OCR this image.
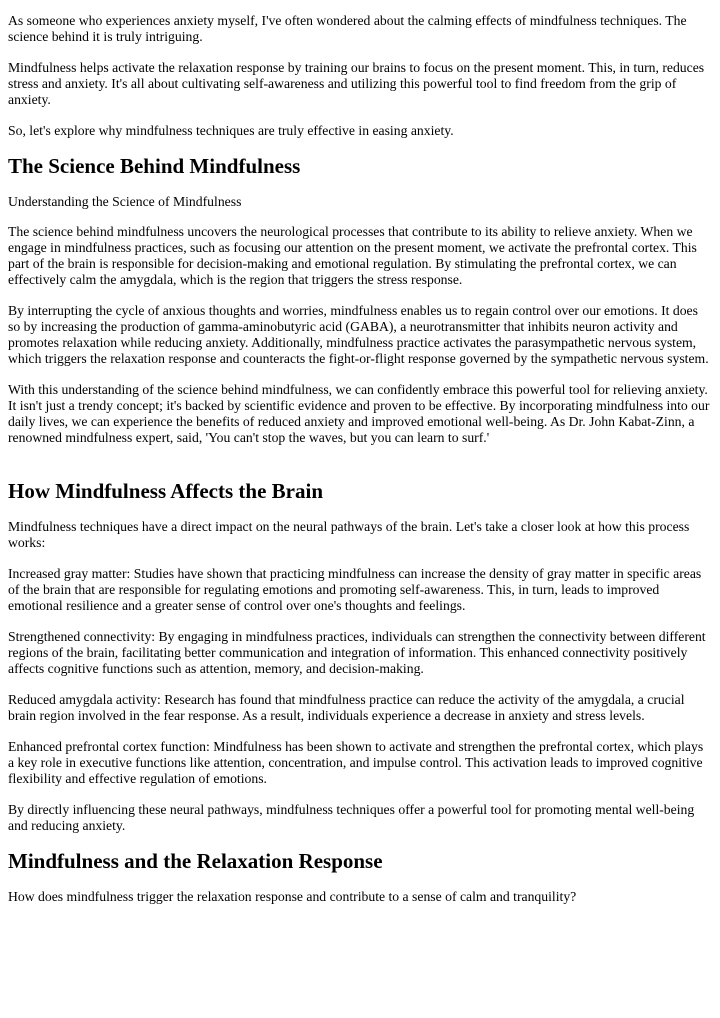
As someone who experiences anxiety myself, I've often wondered about the calming effects of mindfulness techniques. The science behind it is truly intriguing.

Mindfulness helps activate the relaxation response by training our brains to focus on the present moment. This, in turn, reduces stress and anxiety. It's all about cultivating self-awareness and utilizing this powerful tool to find freedom from the grip of anxiety.

So, let's explore why mindfulness techniques are truly effective in easing anxiety.

The Science Behind Mindfulness

Understanding the Science of Mindfulness

The science behind mindfulness uncovers the neurological processes that contribute to its ability to relieve anxiety. When we engage in mindfulness practices, such as focusing our attention on the present moment, we activate the prefrontal cortex. This part of the brain is responsible for decision-making and emotional regulation. By stimulating the prefrontal cortex, we can effectively calm the amygdala, which is the region that triggers the stress response.

By interrupting the cycle of anxious thoughts and worries, mindfulness enables us to regain control over our emotions. It does so by increasing the production of gamma-aminobutyric acid (GABA), a neurotransmitter that inhibits neuron activity and promotes relaxation while reducing anxiety. Additionally, mindfulness practice activates the parasympathetic nervous system, which triggers the relaxation response and counteracts the fight-or-flight response governed by the sympathetic nervous system.

With this understanding of the science behind mindfulness, we can confidently embrace this powerful tool for relieving anxiety. It isn't just a trendy concept; it's backed by scientific evidence and proven to be effective. By incorporating mindfulness into our daily lives, we can experience the benefits of reduced anxiety and improved emotional well-being. As Dr. John Kabat-Zinn, a renowned mindfulness expert, said, 'You can't stop the waves, but you can learn to surf.'

How Mindfulness Affects the Brain

Mindfulness techniques have a direct impact on the neural pathways of the brain. Let's take a closer look at how this process works:

Increased gray matter: Studies have shown that practicing mindfulness can increase the density of gray matter in specific areas of the brain that are responsible for regulating emotions and promoting self-awareness. This, in turn, leads to improved emotional resilience and a greater sense of control over one's thoughts and feelings.

Strengthened connectivity: By engaging in mindfulness practices, individuals can strengthen the connectivity between different regions of the brain, facilitating better communication and integration of information. This enhanced connectivity positively affects cognitive functions such as attention, memory, and decision-making.

Reduced amygdala activity: Research has found that mindfulness practice can reduce the activity of the amygdala, a crucial brain region involved in the fear response. As a result, individuals experience a decrease in anxiety and stress levels.

Enhanced prefrontal cortex function: Mindfulness has been shown to activate and strengthen the prefrontal cortex, which plays a key role in executive functions like attention, concentration, and impulse control. This activation leads to improved cognitive flexibility and effective regulation of emotions.

By directly influencing these neural pathways, mindfulness techniques offer a powerful tool for promoting mental well-being and reducing anxiety.

Mindfulness and the Relaxation Response

How does mindfulness trigger the relaxation response and contribute to a sense of calm and tranquility?
